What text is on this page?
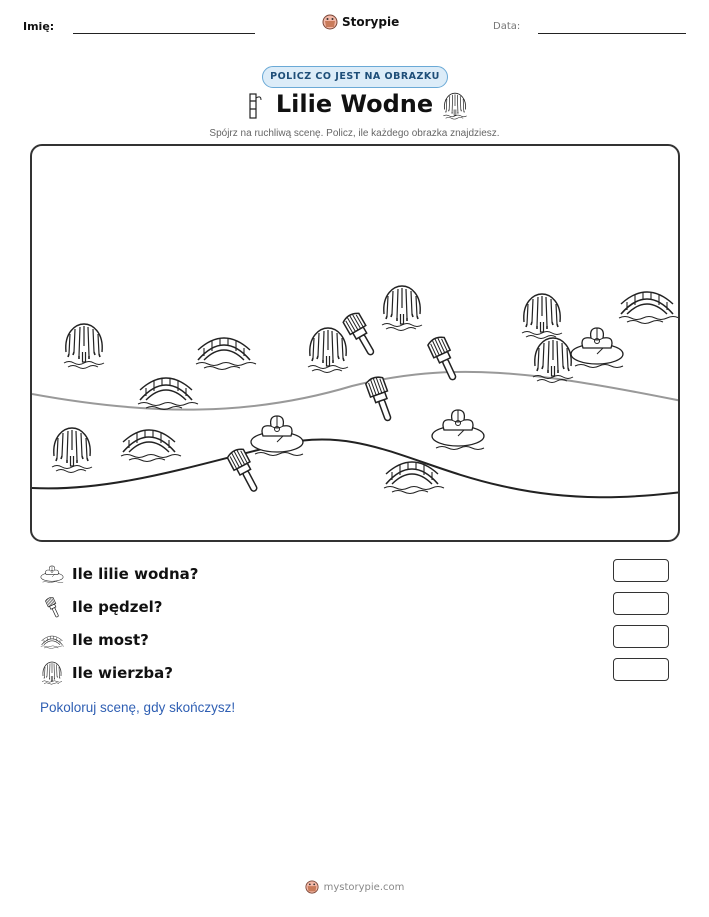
Imię:	Storypie	Data:
POLICZ CO JEST NA OBRAZKU
Lilie Wodne
Spójrz na ruchliwą scenę. Policz, ile każdego obrazka znajdziesz.
Ile lilie wodna?
Ile pędzel?
Ile most?
Ile wierzba?
Pokoloruj scenę, gdy skończysz!
mystorypie.com
